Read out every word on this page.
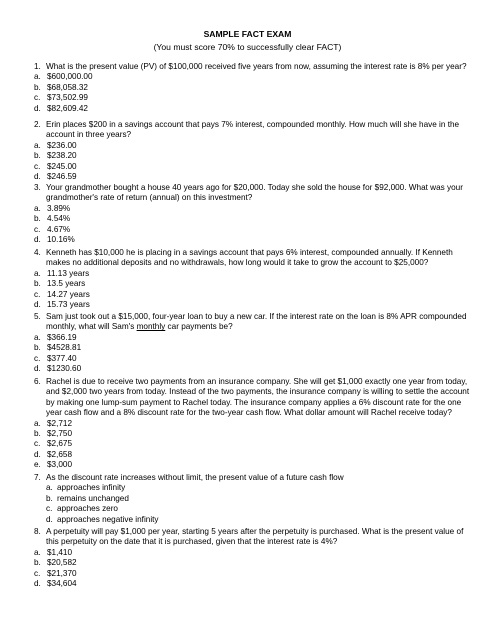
SAMPLE FACT EXAM
(You must score 70% to successfully clear FACT)
1. What is the present value (PV) of $100,000 received five years from now, assuming the interest rate is 8% per year?
a. $600,000.00
b. $68,058.32
c. $73,502.99
d. $82,609.42
2. Erin places $200 in a savings account that pays 7% interest, compounded monthly. How much will she have in the account in three years?
a. $236.00
b. $238.20
c. $245.00
d. $246.59
3. Your grandmother bought a house 40 years ago for $20,000. Today she sold the house for $92,000. What was your grandmother's rate of return (annual) on this investment?
a. 3.89%
b. 4.54%
c. 4.67%
d. 10.16%
4. Kenneth has $10,000 he is placing in a savings account that pays 6% interest, compounded annually. If Kenneth makes no additional deposits and no withdrawals, how long would it take to grow the account to $25,000?
a. 11.13 years
b. 13.5 years
c. 14.27 years
d. 15.73 years
5. Sam just took out a $15,000, four-year loan to buy a new car. If the interest rate on the loan is 8% APR compounded monthly, what will Sam's monthly car payments be?
a. $366.19
b. $4528.81
c. $377.40
d. $1230.60
6. Rachel is due to receive two payments from an insurance company. She will get $1,000 exactly one year from today, and $2,000 two years from today. Instead of the two payments, the insurance company is willing to settle the account by making one lump-sum payment to Rachel today. The insurance company applies a 6% discount rate for the one year cash flow and a 8% discount rate for the two-year cash flow. What dollar amount will Rachel receive today?
a. $2,712
b. $2,750
c. $2,675
d. $2,658
e. $3,000
7. As the discount rate increases without limit, the present value of a future cash flow
a. approaches infinity
b. remains unchanged
c. approaches zero
d. approaches negative infinity
8. A perpetuity will pay $1,000 per year, starting 5 years after the perpetuity is purchased. What is the present value of this perpetuity on the date that it is purchased, given that the interest rate is 4%?
a. $1,410
b. $20,582
c. $21,370
d. $34,604
